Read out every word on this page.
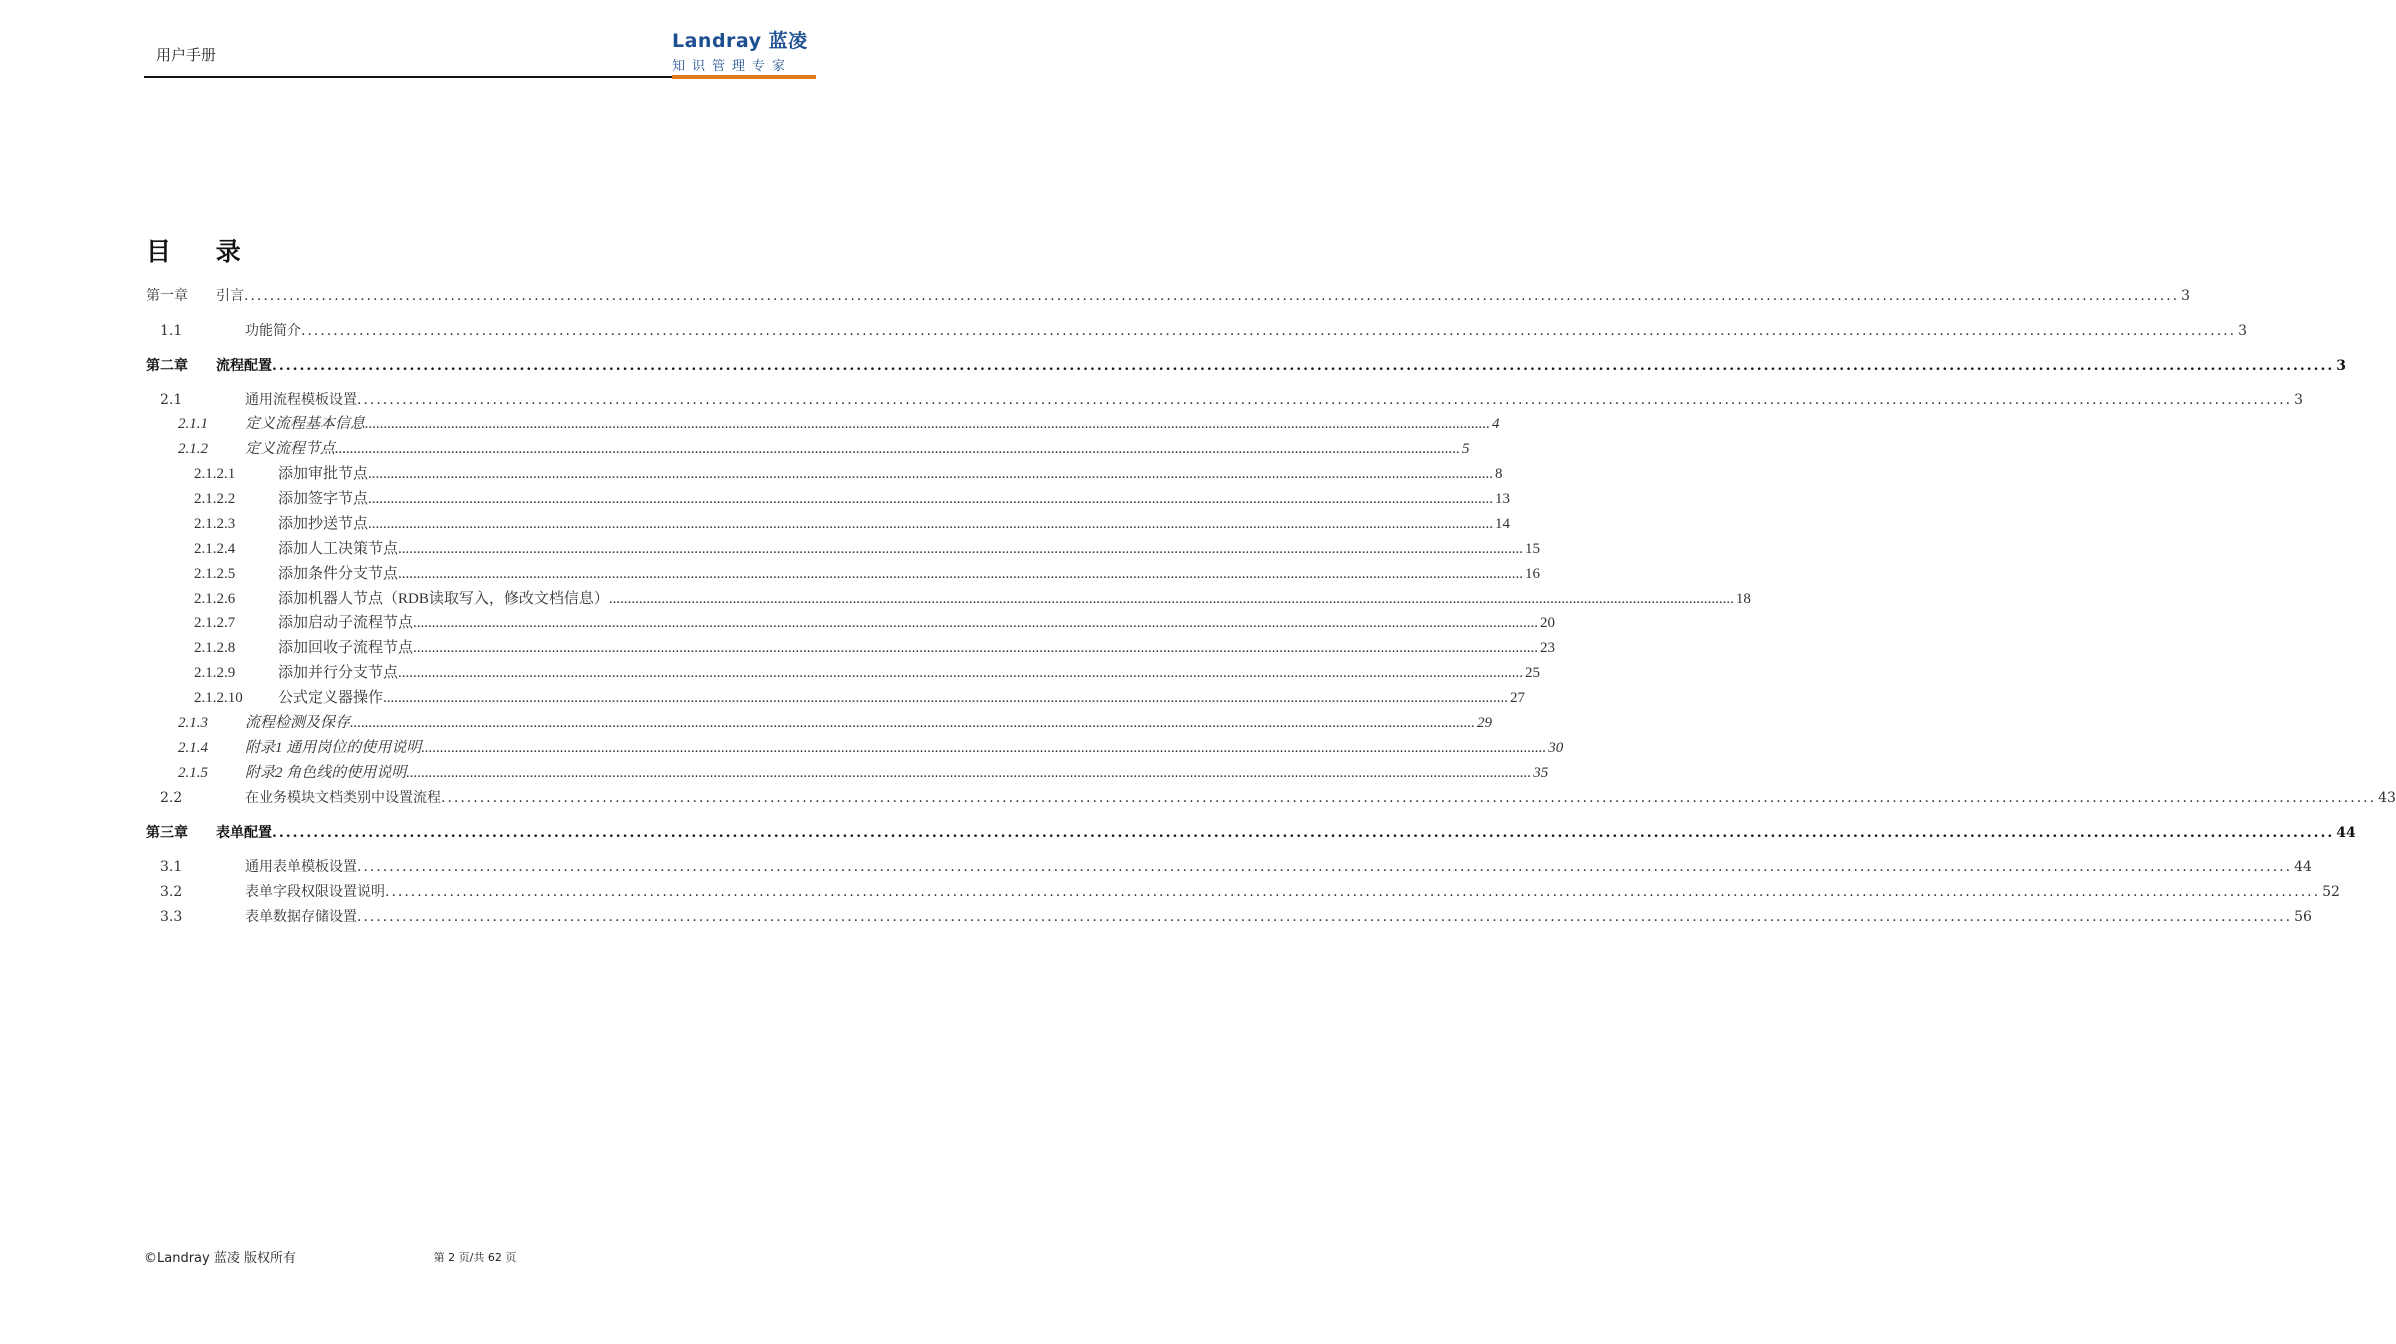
用户手册
Landray 蓝凌
知识管理专家
目 录
第一章 引言 ............................................................................................................................................................................................................................................................................................................ 3
1.1	功能简介 ............................................................................................................................................................................................................................................................................................................ 3
第二章 流程配置 ............................................................................................................................................................................................................................................................................................................ 3
2.1	通用流程模板设置 ............................................................................................................................................................................................................................................................................................................ 3
2.1.1 定义流程基本信息 ............................................................................................................................................................................................................................................................................................................ 4
2.1.2 定义流程节点 ............................................................................................................................................................................................................................................................................................................ 5
2.1.2.1	添加审批节点 ............................................................................................................................................................................................................................................................................................................ 8
2.1.2.2	添加签字节点 ............................................................................................................................................................................................................................................................................................................ 13
2.1.2.3	添加抄送节点 ............................................................................................................................................................................................................................................................................................................ 14
2.1.2.4	添加人工决策节点 ............................................................................................................................................................................................................................................................................................................ 15
2.1.2.5	添加条件分支节点 ............................................................................................................................................................................................................................................................................................................ 16
2.1.2.6	添加机器人节点（RDB读取写入，修改文档信息） ............................................................................................................................................................................................................................................................................................................ 18
2.1.2.7	添加启动子流程节点 ............................................................................................................................................................................................................................................................................................................ 20
2.1.2.8	添加回收子流程节点 ............................................................................................................................................................................................................................................................................................................ 23
2.1.2.9	添加并行分支节点 ............................................................................................................................................................................................................................................................................................................ 25
2.1.2.10 公式定义器操作 ............................................................................................................................................................................................................................................................................................................ 27
2.1.3 流程检测及保存 ............................................................................................................................................................................................................................................................................................................ 29
2.1.4 附录1 通用岗位的使用说明 ............................................................................................................................................................................................................................................................................................................ 30
2.1.5 附录2 角色线的使用说明 ............................................................................................................................................................................................................................................................................................................ 35
2.2	在业务模块文档类别中设置流程 ............................................................................................................................................................................................................................................................................................................ 43
第三章 表单配置 ............................................................................................................................................................................................................................................................................................................ 44
3.1	通用表单模板设置 ............................................................................................................................................................................................................................................................................................................ 44
3.2	表单字段权限设置说明 ............................................................................................................................................................................................................................................................................................................ 52
3.3	表单数据存储设置 ............................................................................................................................................................................................................................................................................................................ 56
©Landray 蓝凌 版权所有	第 2 页/共 62 页
